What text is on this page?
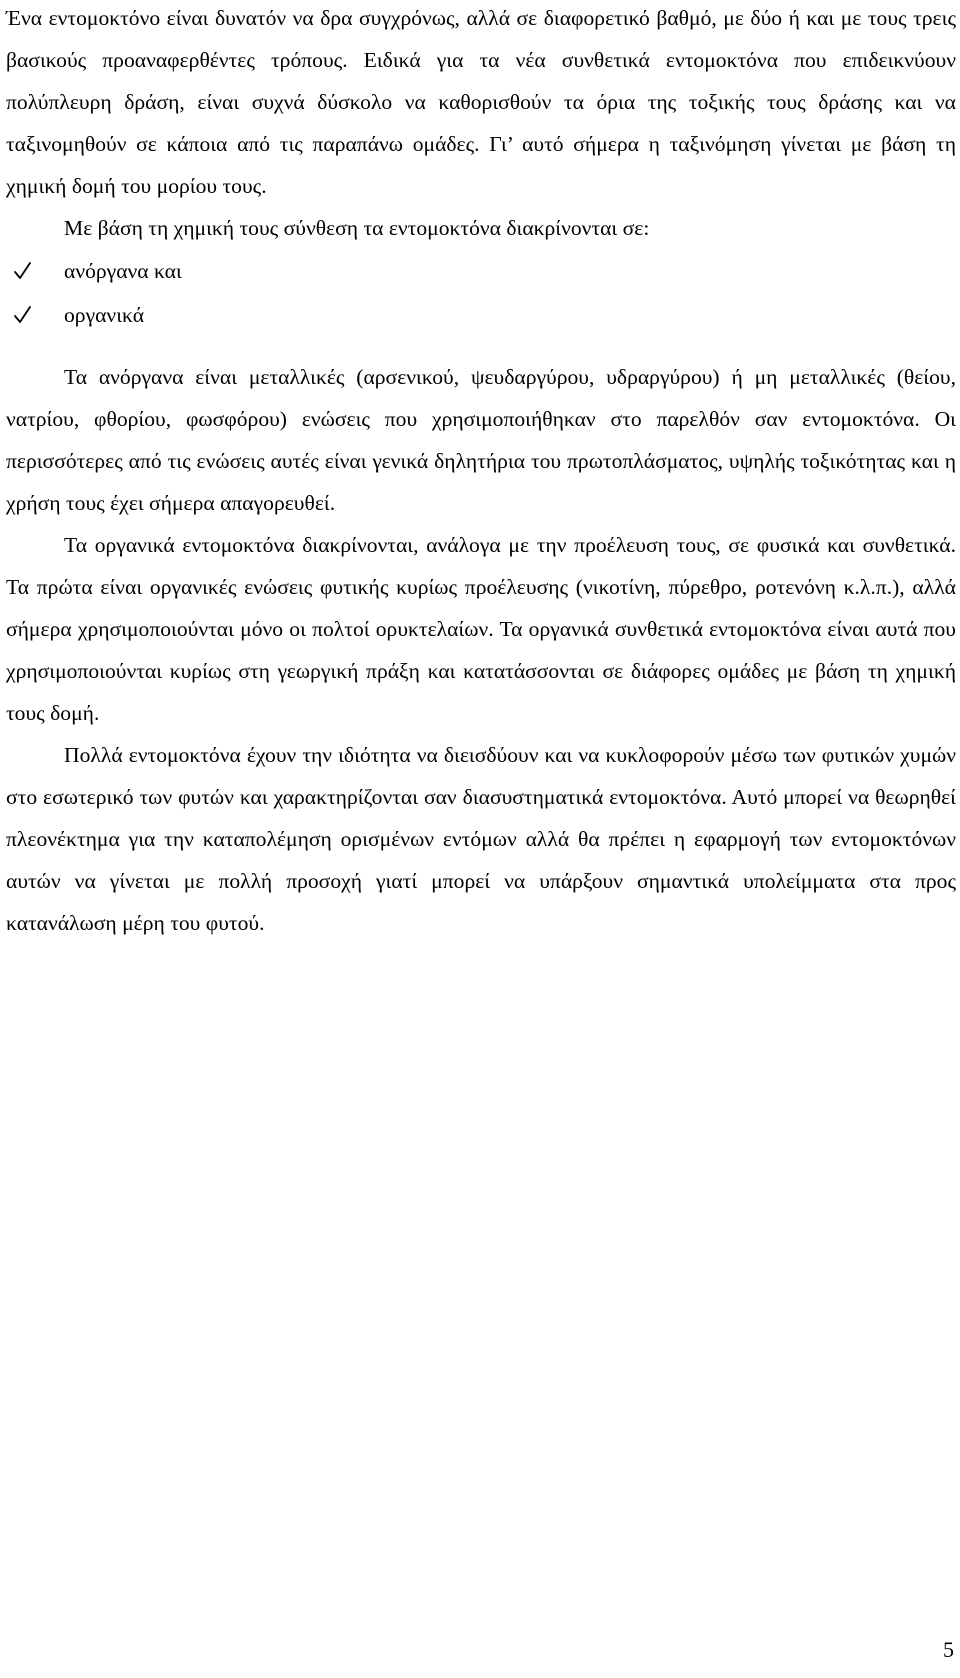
Ένα εντομοκτόνο είναι δυνατόν να δρα συγχρόνως, αλλά σε διαφορετικό βαθμό, με δύο ή και με τους τρεις βασικούς προαναφερθέντες τρόπους. Ειδικά για τα νέα συνθετικά εντομοκτόνα που επιδεικνύουν πολύπλευρη δράση, είναι συχνά δύσκολο να καθορισθούν τα όρια της τοξικής τους δράσης και να ταξινομηθούν σε κάποια από τις παραπάνω ομάδες. Γι’ αυτό σήμερα η ταξινόμηση γίνεται με βάση τη χημική δομή του μορίου τους.

Με βάση τη χημική τους σύνθεση τα εντομοκτόνα διακρίνονται σε:

ανόργανα και
οργανικά

Τα ανόργανα είναι μεταλλικές (αρσενικού, ψευδαργύρου, υδραργύρου) ή μη μεταλλικές (θείου, νατρίου, φθορίου, φωσφόρου) ενώσεις που χρησιμοποιήθηκαν στο παρελθόν σαν εντομοκτόνα. Οι περισσότερες από τις ενώσεις αυτές είναι γενικά δηλητήρια του πρωτοπλάσματος, υψηλής τοξικότητας και η χρήση τους έχει σήμερα απαγορευθεί.

Τα οργανικά εντομοκτόνα διακρίνονται, ανάλογα με την προέλευση τους, σε φυσικά και συνθετικά. Τα πρώτα είναι οργανικές ενώσεις φυτικής κυρίως προέλευσης (νικοτίνη, πύρεθρο, ροτενόνη κ.λ.π.), αλλά σήμερα χρησιμοποιούνται μόνο οι πολτοί ορυκτελαίων. Τα οργανικά συνθετικά εντομοκτόνα είναι αυτά που χρησιμοποιούνται κυρίως στη γεωργική πράξη και κατατάσσονται σε διάφορες ομάδες με βάση τη χημική τους δομή.

Πολλά εντομοκτόνα έχουν την ιδιότητα να διεισδύουν και να κυκλοφορούν μέσω των φυτικών χυμών στο εσωτερικό των φυτών και χαρακτηρίζονται σαν διασυστηματικά εντομοκτόνα. Αυτό μπορεί να θεωρηθεί πλεονέκτημα για την καταπολέμηση ορισμένων εντόμων αλλά θα πρέπει η εφαρμογή των εντομοκτόνων αυτών να γίνεται με πολλή προσοχή γιατί μπορεί να υπάρξουν σημαντικά υπολείμματα στα προς κατανάλωση μέρη του φυτού.

5
